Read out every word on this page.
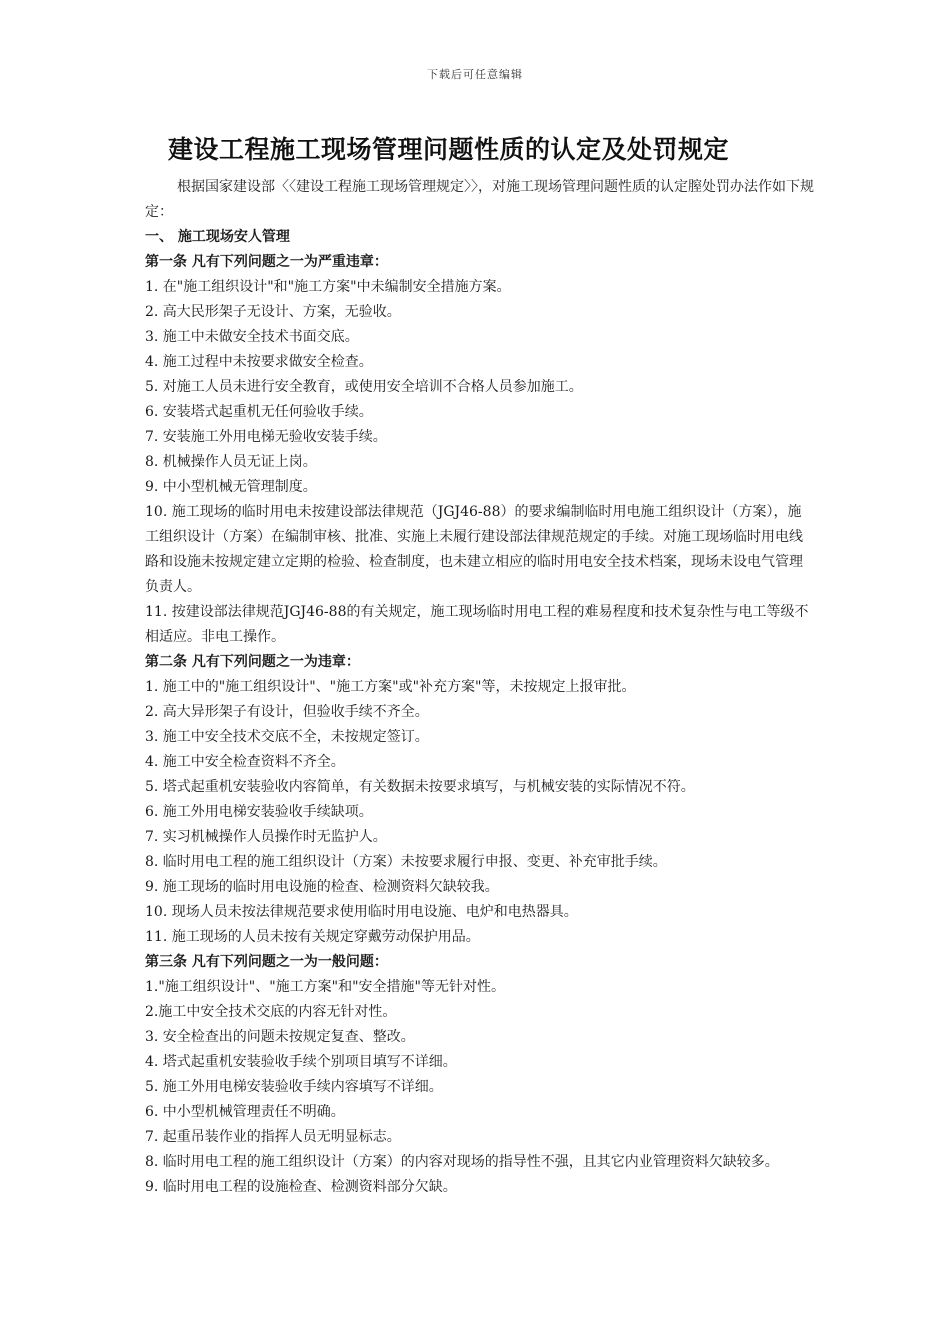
下载后可任意编辑
建设工程施工现场管理问题性质的认定及处罚规定

根据国家建设部〈〈建设工程施工现场管理规定〉〉，对施工现场管理问题性质的认定膣处罚办法作如下规定：

一、 施工现场安人管理

第一条 凡有下列问题之一为严重违章：

1. 在"施工组织设计"和"施工方案"中未编制安全措施方案。

2. 高大民形架子无设计、方案，无验收。

3. 施工中未做安全技术书面交底。

4. 施工过程中未按要求做安全检查。

5. 对施工人员未进行安全教育，或使用安全培训不合格人员参加施工。

6. 安装塔式起重机无任何验收手续。

7. 安装施工外用电梯无验收安装手续。

8. 机械操作人员无证上岗。

9. 中小型机械无管理制度。

10. 施工现场的临时用电未按建设部法律规范（JGJ46-88）的要求编制临时用电施工组织设计（方案），施工组织设计（方案）在编制审核、批准、实施上未履行建设部法律规范规定的手续。对施工现场临时用电线路和设施未按规定建立定期的检验、检查制度，也未建立相应的临时用电安全技术档案，现场未设电气管理负责人。

11. 按建设部法律规范JGJ46-88的有关规定，施工现场临时用电工程的难易程度和技术复杂性与电工等级不相适应。非电工操作。

第二条 凡有下列问题之一为违章：

1. 施工中的"施工组织设计"、"施工方案"或"补充方案"等，未按规定上报审批。

2. 高大异形架子有设计，但验收手续不齐全。

3. 施工中安全技术交底不全，未按规定签订。

4. 施工中安全检查资料不齐全。

5. 塔式起重机安装验收内容简单，有关数据未按要求填写，与机械安装的实际情况不符。

6. 施工外用电梯安装验收手续缺项。

7. 实习机械操作人员操作时无监护人。

8. 临时用电工程的施工组织设计（方案）未按要求履行申报、变更、补充审批手续。

9. 施工现场的临时用电设施的检查、检测资料欠缺较我。

10. 现场人员未按法律规范要求使用临时用电设施、电炉和电热器具。

11. 施工现场的人员未按有关规定穿戴劳动保护用品。

第三条 凡有下列问题之一为一般问题：

1."施工组织设计"、"施工方案"和"安全措施"等无针对性。

2.施工中安全技术交底的内容无针对性。

3. 安全检查出的问题未按规定复查、整改。

4. 塔式起重机安装验收手续个别项目填写不详细。

5. 施工外用电梯安装验收手续内容填写不详细。

6. 中小型机械管理责任不明确。

7. 起重吊装作业的指挥人员无明显标志。

8. 临时用电工程的施工组织设计（方案）的内容对现场的指导性不强，且其它内业管理资料欠缺较多。

9. 临时用电工程的设施检查、检测资料部分欠缺。
